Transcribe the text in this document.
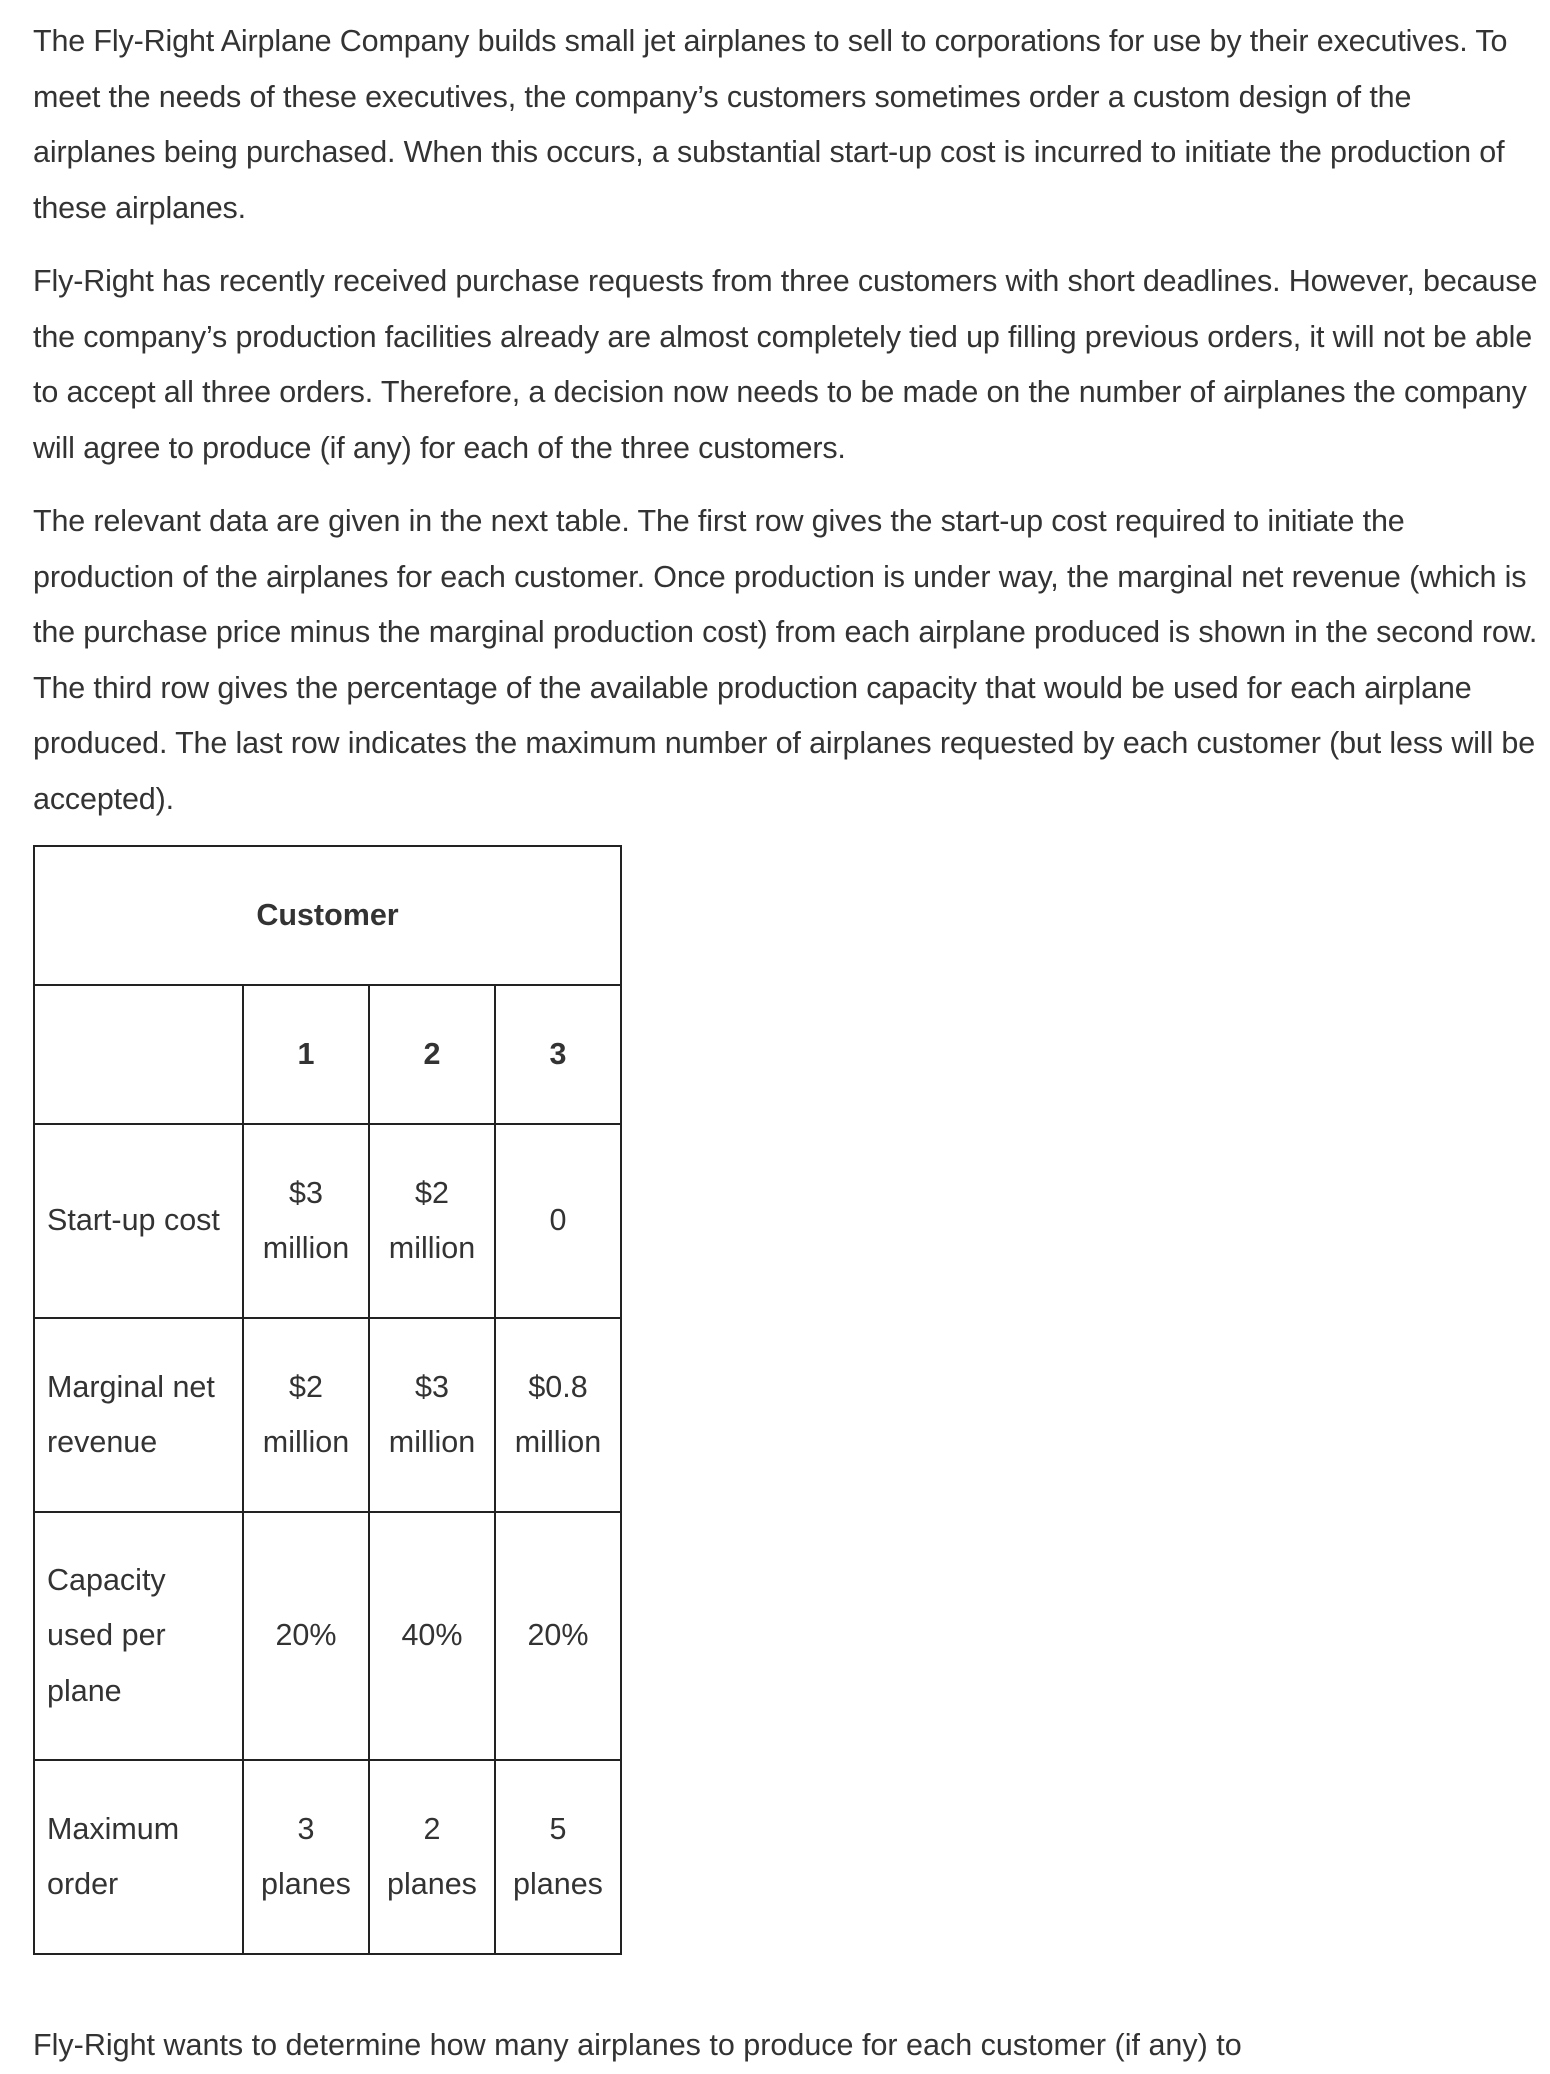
The Fly-Right Airplane Company builds small jet airplanes to sell to corporations for use by their executives. To meet the needs of these executives, the company’s customers sometimes order a custom design of the airplanes being purchased. When this occurs, a substantial start-up cost is incurred to initiate the production of these airplanes.

Fly-Right has recently received purchase requests from three customers with short deadlines. However, because the company’s production facilities already are almost completely tied up filling previous orders, it will not be able to accept all three orders. Therefore, a decision now needs to be made on the number of airplanes the company will agree to produce (if any) for each of the three customers.

The relevant data are given in the next table. The first row gives the start-up cost required to initiate the production of the airplanes for each customer. Once production is under way, the marginal net revenue (which is the purchase price minus the marginal production cost) from each airplane produced is shown in the second row. The third row gives the percentage of the available production capacity that would be used for each airplane produced. The last row indicates the maximum number of airplanes requested by each customer (but less will be accepted).

Customer			
	1	2	3
Start-up cost	$3 million	$2 million	0
Marginal net revenue	$2 million	$3 million	$0.8 million
Capacity used per plane	20%	40%	20%
Maximum order	3 planes	2 planes	5 planes
Fly-Right wants to determine how many airplanes to produce for each customer (if any) to
